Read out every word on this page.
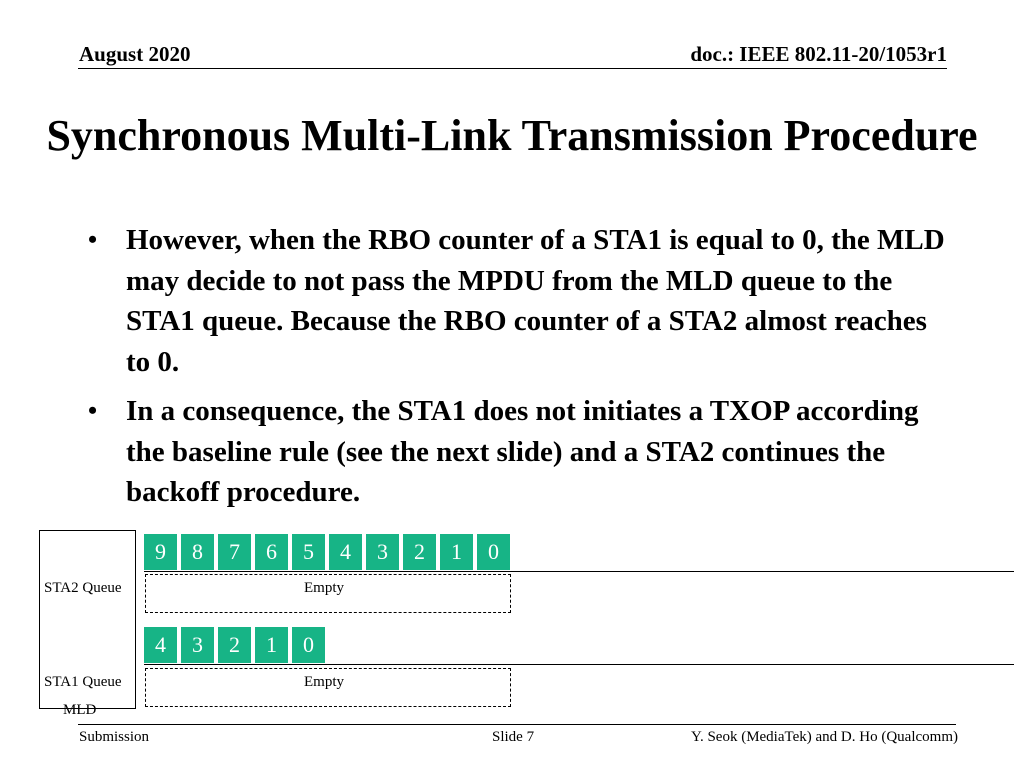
August 2020	doc.: IEEE 802.11-20/1053r1
Synchronous Multi-Link Transmission Procedure
• However, when the RBO counter of a STA1 is equal to 0, the MLD may decide to not pass the MPDU from the MLD queue to the STA1 queue. Because the RBO counter of a STA2 almost reaches to 0.
• In a consequence, the STA1 does not initiates a TXOP according the baseline rule (see the next slide) and a STA2 continues the backoff procedure.
9	8	7	6	5	4	3	2	1	0
STA2 Queue	Empty
4	3	2	1	0
STA1 Queue	Empty
MLD
Submission	Slide 7	Y. Seok (MediaTek) and D. Ho (Qualcomm)
